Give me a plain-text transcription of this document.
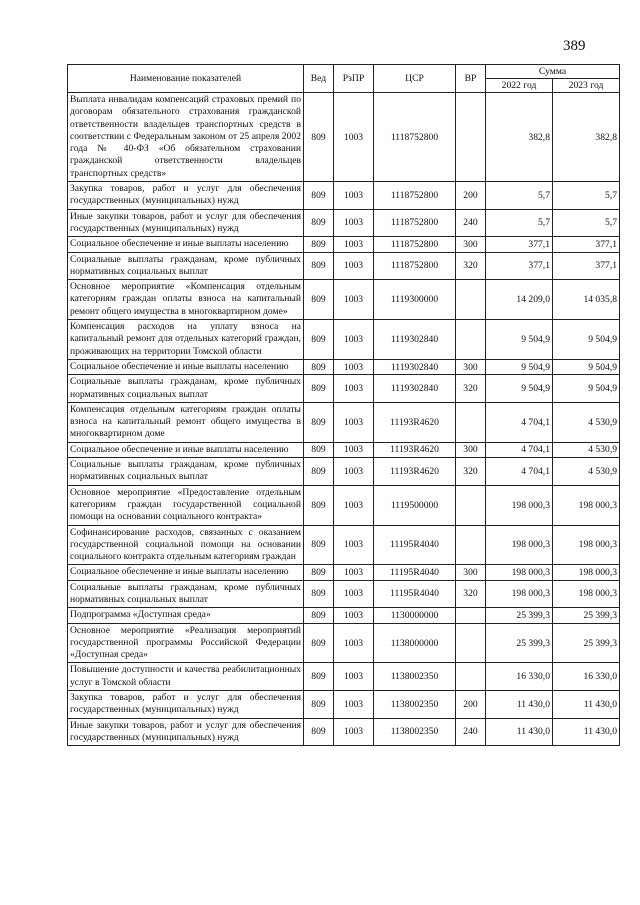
389
Наименование показателей	Вед	РзПР	ЦСР	ВР	Сумма	
					2022 год	2023 год
Выплата инвалидам компенсаций страховых премий по договорам обязательного страхования гражданской ответственности владельцев транспортных средств в соответствии с Федеральным законом от 25 апреля 2002 года № 40-ФЗ «Об обязательном страховании гражданской ответственности владельцев транспортных средств»	809	1003	1118752800		382,8	382,8
Закупка товаров, работ и услуг для обеспечения государственных (муниципальных) нужд	809	1003	1118752800	200	5,7	5,7
Иные закупки товаров, работ и услуг для обеспечения государственных (муниципальных) нужд	809	1003	1118752800	240	5,7	5,7
Социальное обеспечение и иные выплаты населению	809	1003	1118752800	300	377,1	377,1
Социальные выплаты гражданам, кроме публичных нормативных социальных выплат	809	1003	1118752800	320	377,1	377,1
Основное мероприятие «Компенсация отдельным категориям граждан оплаты взноса на капитальный ремонт общего имущества в многоквартирном доме»	809	1003	1119300000		14 209,0	14 035,8
Компенсация расходов на уплату взноса на капитальный ремонт для отдельных категорий граждан, проживающих на территории Томской области	809	1003	1119302840		9 504,9	9 504,9
Социальное обеспечение и иные выплаты населению	809	1003	1119302840	300	9 504,9	9 504,9
Социальные выплаты гражданам, кроме публичных нормативных социальных выплат	809	1003	1119302840	320	9 504,9	9 504,9
Компенсация отдельным категориям граждан оплаты взноса на капитальный ремонт общего имущества в многоквартирном доме	809	1003	11193R4620		4 704,1	4 530,9
Социальное обеспечение и иные выплаты населению	809	1003	11193R4620	300	4 704,1	4 530,9
Социальные выплаты гражданам, кроме публичных нормативных социальных выплат	809	1003	11193R4620	320	4 704,1	4 530,9
Основное мероприятие «Предоставление отдельным категориям граждан государственной социальной помощи на основании социального контракта»	809	1003	1119500000		198 000,3	198 000,3
Софинансирование расходов, связанных с оказанием государственной социальной помощи на основании социального контракта отдельным категориям граждан	809	1003	11195R4040		198 000,3	198 000,3
Социальное обеспечение и иные выплаты населению	809	1003	11195R4040	300	198 000,3	198 000,3
Социальные выплаты гражданам, кроме публичных нормативных социальных выплат	809	1003	11195R4040	320	198 000,3	198 000,3
Подпрограмма «Доступная среда»	809	1003	1130000000		25 399,3	25 399,3
Основное мероприятие «Реализация мероприятий государственной программы Российской Федерации «Доступная среда»	809	1003	1138000000		25 399,3	25 399,3
Повышение доступности и качества реабилитационных услуг в Томской области	809	1003	1138002350		16 330,0	16 330,0
Закупка товаров, работ и услуг для обеспечения государственных (муниципальных) нужд	809	1003	1138002350	200	11 430,0	11 430,0
Иные закупки товаров, работ и услуг для обеспечения государственных (муниципальных) нужд	809	1003	1138002350	240	11 430,0	11 430,0
